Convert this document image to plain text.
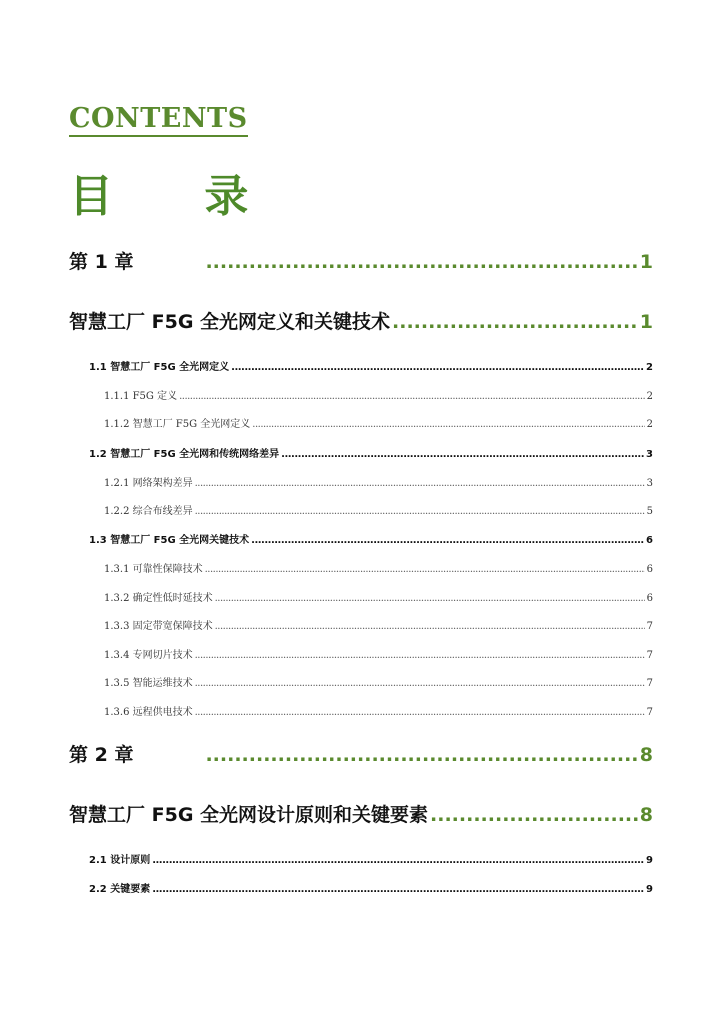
CONTENTS
目 录
第 1 章 .....	1
智慧工厂 F5G 全光网定义和关键技术 .....	1
1.1 智慧工厂 F5G 全光网定义 .....	2
1.1.1 F5G 定义 .....	2
1.1.2 智慧工厂 F5G 全光网定义 .....	2
1.2 智慧工厂 F5G 全光网和传统网络差异 .....	3
1.2.1 网络架构差异 .....	3
1.2.2 综合布线差异 .....	5
1.3 智慧工厂 F5G 全光网关键技术 .....	6
1.3.1 可靠性保障技术 .....	6
1.3.2 确定性低时延技术 .....	6
1.3.3 固定带宽保障技术 .....	7
1.3.4 专网切片技术 .....	7
1.3.5 智能运维技术 .....	7
1.3.6 远程供电技术 .....	7
第 2 章 .....	8
智慧工厂 F5G 全光网设计原则和关键要素 .....	8
2.1 设计原则 .....	9
2.2 关键要素 .....	9
